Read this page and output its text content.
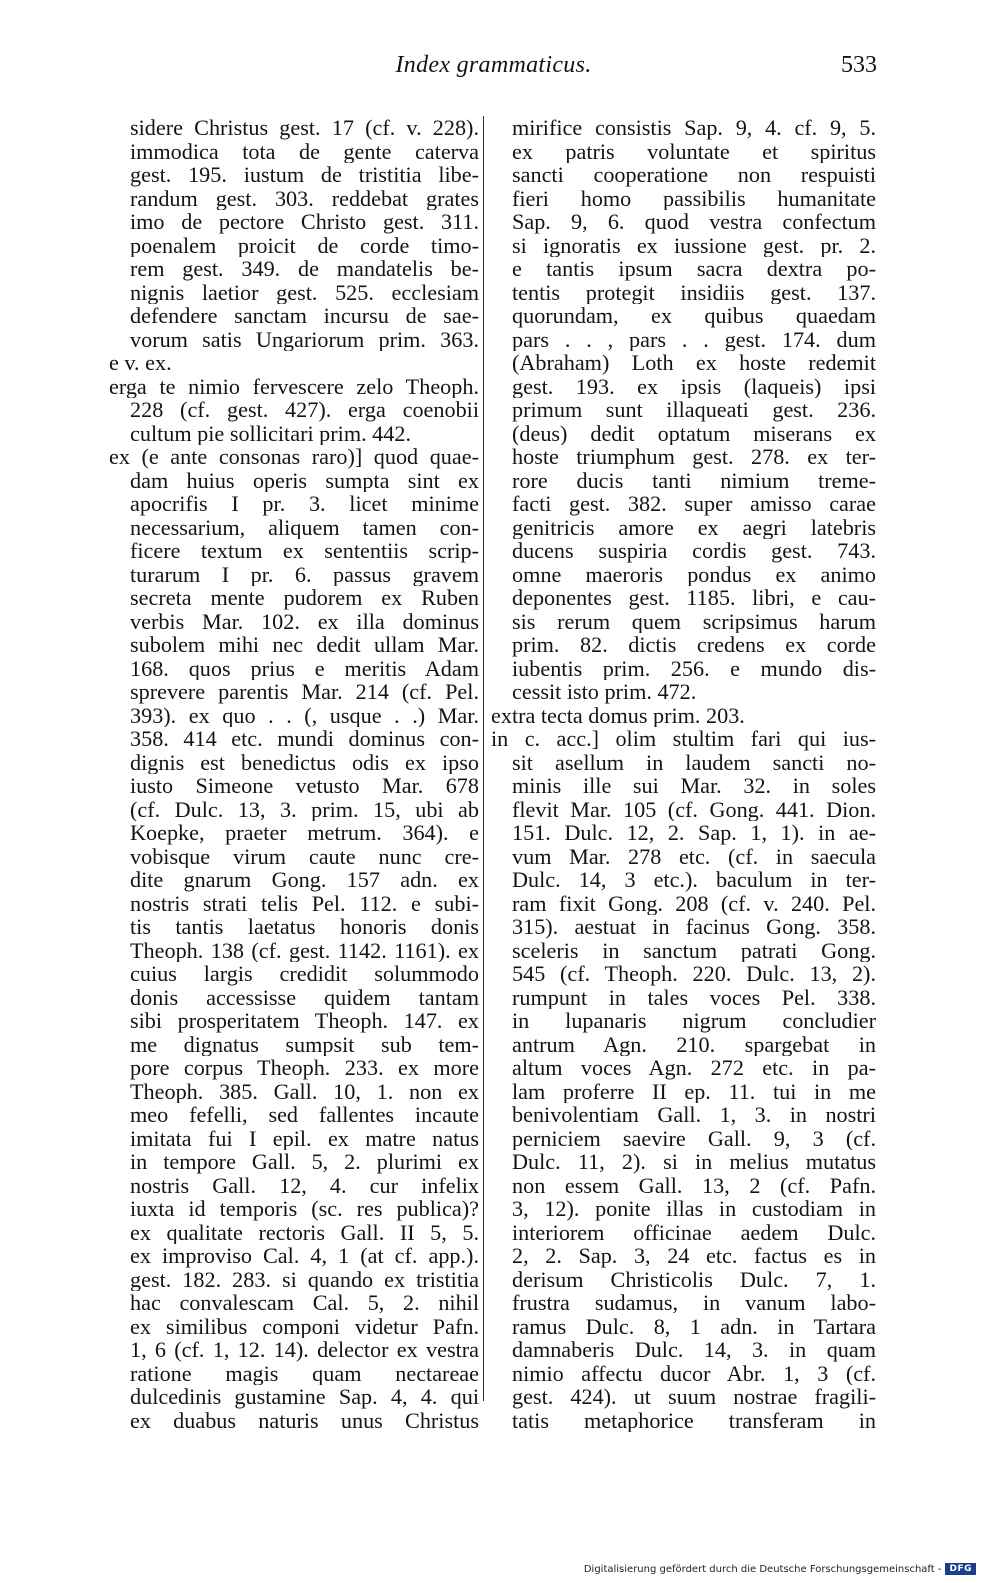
Index grammaticus.	533
sidere Christus gest. 17 (cf. v. 228).
immodica tota de gente caterva
gest. 195. iustum de tristitia libe-
randum gest. 303. reddebat grates
imo de pectore Christo gest. 311.
poenalem proicit de corde timo-
rem gest. 349. de mandatelis be-
nignis laetior gest. 525. ecclesiam
defendere sanctam incursu de sae-
vorum satis Ungariorum prim. 363.
e v. ex.
erga te nimio fervescere zelo Theoph.
228 (cf. gest. 427). erga coenobii
cultum pie sollicitari prim. 442.
ex (e ante consonas raro)] quod quae-
dam huius operis sumpta sint ex
apocrifis I pr. 3. licet minime
necessarium, aliquem tamen con-
ficere textum ex sententiis scrip-
turarum I pr. 6. passus gravem
secreta mente pudorem ex Ruben
verbis Mar. 102. ex illa dominus
subolem mihi nec dedit ullam Mar.
168. quos prius e meritis Adam
sprevere parentis Mar. 214 (cf. Pel.
393). ex quo . . (, usque . .) Mar.
358. 414 etc. mundi dominus con-
dignis est benedictus odis ex ipso
iusto Simeone vetusto Mar. 678
(cf. Dulc. 13, 3. prim. 15, ubi ab
Koepke, praeter metrum. 364). e
vobisque virum caute nunc cre-
dite gnarum Gong. 157 adn. ex
nostris strati telis Pel. 112. e subi-
tis tantis laetatus honoris donis
Theoph. 138 (cf. gest. 1142. 1161). ex
cuius largis credidit solummodo
donis accessisse quidem tantam
sibi prosperitatem Theoph. 147. ex
me dignatus sumpsit sub tem-
pore corpus Theoph. 233. ex more
Theoph. 385. Gall. 10, 1. non ex
meo fefelli, sed fallentes incaute
imitata fui I epil. ex matre natus
in tempore Gall. 5, 2. plurimi ex
nostris Gall. 12, 4. cur infelix
iuxta id temporis (sc. res publica)?
ex qualitate rectoris Gall. II 5, 5.
ex improviso Cal. 4, 1 (at cf. app.).
gest. 182. 283. si quando ex tristitia
hac convalescam Cal. 5, 2. nihil
ex similibus componi videtur Pafn.
1, 6 (cf. 1, 12. 14). delector ex vestra
ratione magis quam nectareae
dulcedinis gustamine Sap. 4, 4. qui
ex duabus naturis unus Christus
mirifice consistis Sap. 9, 4. cf. 9, 5.
ex patris voluntate et spiritus
sancti cooperatione non respuisti
fieri homo passibilis humanitate
Sap. 9, 6. quod vestra confectum
si ignoratis ex iussione gest. pr. 2.
e tantis ipsum sacra dextra po-
tentis protegit insidiis gest. 137.
quorundam, ex quibus quaedam
pars . . , pars . . gest. 174. dum
(Abraham) Loth ex hoste redemit
gest. 193. ex ipsis (laqueis) ipsi
primum sunt illaqueati gest. 236.
(deus) dedit optatum miserans ex
hoste triumphum gest. 278. ex ter-
rore ducis tanti nimium treme-
facti gest. 382. super amisso carae
genitricis amore ex aegri latebris
ducens suspiria cordis gest. 743.
omne maeroris pondus ex animo
deponentes gest. 1185. libri, e cau-
sis rerum quem scripsimus harum
prim. 82. dictis credens ex corde
iubentis prim. 256. e mundo dis-
cessit isto prim. 472.
extra tecta domus prim. 203.
in c. acc.] olim stultim fari qui ius-
sit asellum in laudem sancti no-
minis ille sui Mar. 32. in soles
flevit Mar. 105 (cf. Gong. 441. Dion.
151. Dulc. 12, 2. Sap. 1, 1). in ae-
vum Mar. 278 etc. (cf. in saecula
Dulc. 14, 3 etc.). baculum in ter-
ram fixit Gong. 208 (cf. v. 240. Pel.
315). aestuat in facinus Gong. 358.
sceleris in sanctum patrati Gong.
545 (cf. Theoph. 220. Dulc. 13, 2).
rumpunt in tales voces Pel. 338.
in lupanaris nigrum concludier
antrum Agn. 210. spargebat in
altum voces Agn. 272 etc. in pa-
lam proferre II ep. 11. tui in me
benivolentiam Gall. 1, 3. in nostri
perniciem saevire Gall. 9, 3 (cf.
Dulc. 11, 2). si in melius mutatus
non essem Gall. 13, 2 (cf. Pafn.
3, 12). ponite illas in custodiam in
interiorem officinae aedem Dulc.
2, 2. Sap. 3, 24 etc. factus es in
derisum Christicolis Dulc. 7, 1.
frustra sudamus, in vanum labo-
ramus Dulc. 8, 1 adn. in Tartara
damnaberis Dulc. 14, 3. in quam
nimio affectu ducor Abr. 1, 3 (cf.
gest. 424). ut suum nostrae fragili-
tatis metaphorice transferam in
Digitalisierung gefördert durch die Deutsche Forschungsgemeinschaft - DFG
